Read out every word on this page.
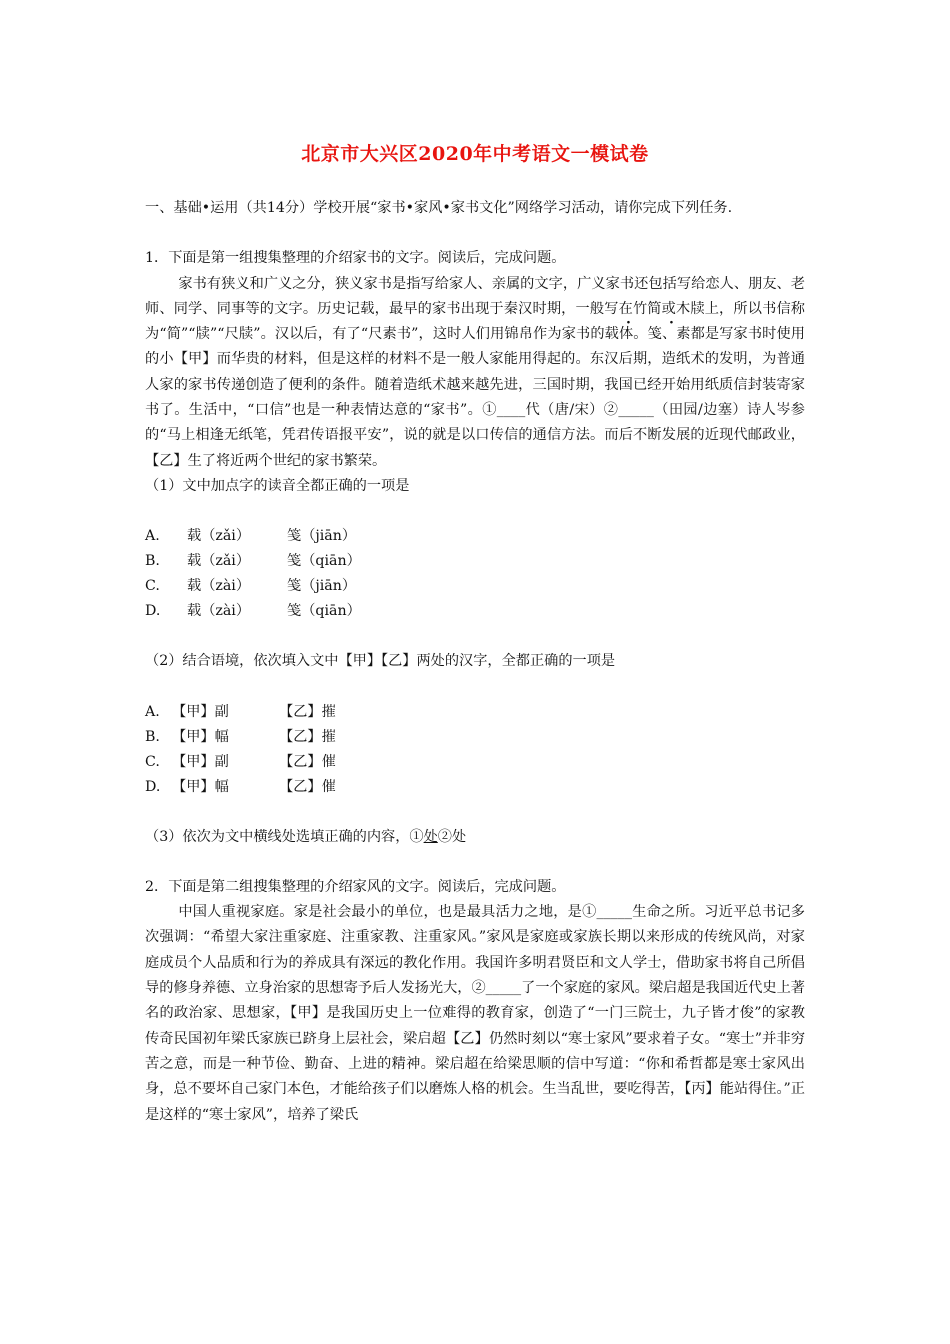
北京市大兴区2020年中考语文一模试卷

一、基础•运用（共14分）学校开展“家书•家风•家书文化”网络学习活动，请你完成下列任务.

1．下面是第一组搜集整理的介绍家书的文字。阅读后，完成问题。

家书有狭义和广义之分，狭义家书是指写给家人、亲属的文字，广义家书还包括写给恋人、朋友、老师、同学、同事等的文字。历史记载，最早的家书出现于秦汉时期，一般写在竹简或木牍上，所以书信称为“简”“牍”“尺牍”。汉以后，有了“尺素书”，这时人们用锦帛作为家书的载体。笺、素都是写家书时使用的小【甲】而华贵的材料，但是这样的材料不是一般人家能用得起的。东汉后期，造纸术的发明，为普通人家的家书传递创造了便利的条件。随着造纸术越来越先进，三国时期，我国已经开始用纸质信封装寄家书了。生活中，“口信”也是一种表情达意的“家书”。①____代（唐/宋）②_____（田园/边塞）诗人岑参的“马上相逢无纸笔，凭君传语报平安”，说的就是以口传信的通信方法。而后不断发展的近现代邮政业，【乙】生了将近两个世纪的家书繁荣。

（1）文中加点字的读音全都正确的一项是

A.	载（zǎi）	笺（jiān）
B.	载（zǎi）	笺（qiān）
C.	载（zài）	笺（jiān）
D.	载（zài）	笺（qiān）

（2）结合语境，依次填入文中【甲】【乙】两处的汉字，全都正确的一项是

A. 【甲】副	【乙】摧
B. 【甲】幅	【乙】摧
C. 【甲】副	【乙】催
D. 【甲】幅	【乙】催

（3）依次为文中横线处选填正确的内容，①处②处

2．下面是第二组搜集整理的介绍家风的文字。阅读后，完成问题。

中国人重视家庭。家是社会最小的单位，也是最具活力之地，是①_____生命之所。习近平总书记多次强调：“希望大家注重家庭、注重家教、注重家风。”家风是家庭或家族长期以来形成的传统风尚，对家庭成员个人品质和行为的养成具有深远的教化作用。我国许多明君贤臣和文人学士，借助家书将自己所倡导的修身养德、立身治家的思想寄予后人发扬光大，②_____了一个家庭的家风。梁启超是我国近代史上著名的政治家、思想家，【甲】是我国历史上一位难得的教育家，创造了“一门三院士，九子皆才俊”的家教传奇民国初年梁氏家族已跻身上层社会，梁启超【乙】仍然时刻以“寒士家风”要求着子女。“寒士”并非穷苦之意，而是一种节俭、勤奋、上进的精神。梁启超在给梁思顺的信中写道：“你和希哲都是寒士家风出身，总不要坏自己家门本色，才能给孩子们以磨炼人格的机会。生当乱世，要吃得苦，【丙】能站得住。”正是这样的“寒士家风”，培养了梁氏
